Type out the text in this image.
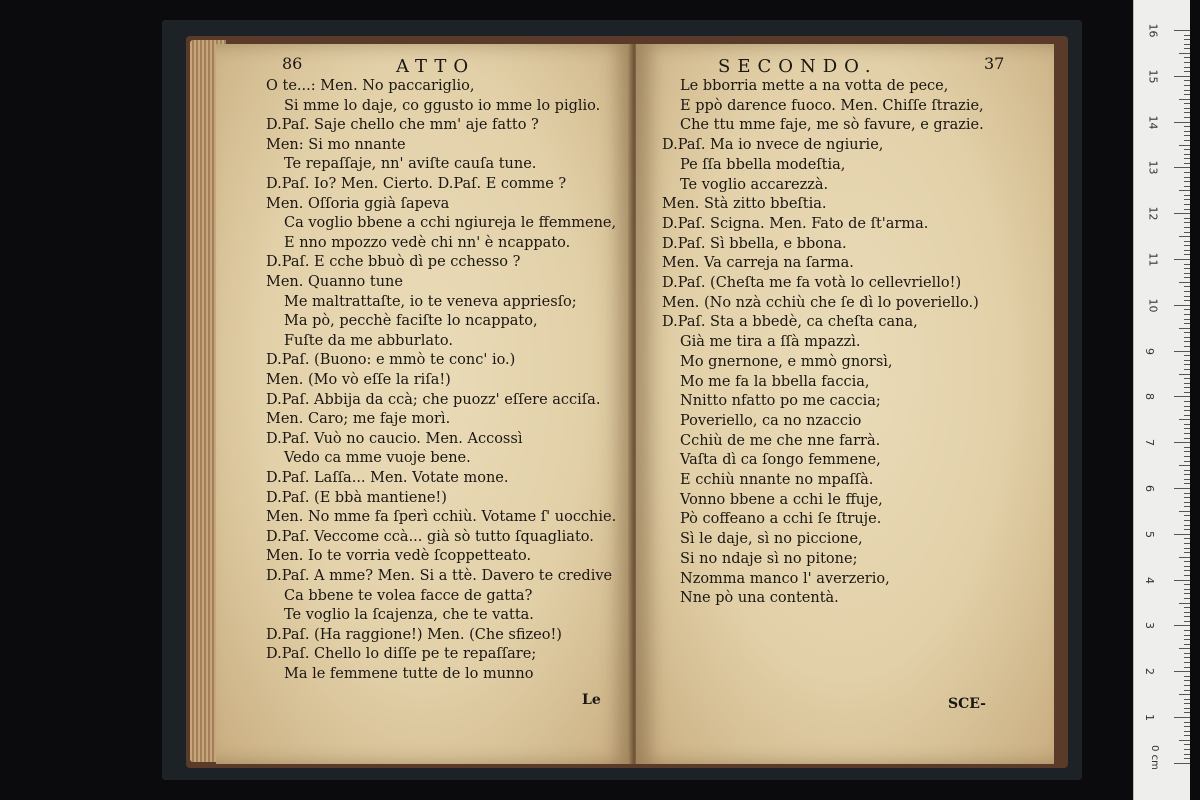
86	ATTO
O te...: Men. No paccariglio,
Si mme lo daje, co ggusto io mme lo piglio.
D.Paſ. Saje chello che mm' aje fatto ?
Men: Si mo nnante
Te repaſſaje, nn' aviſte cauſa tune.
D.Paſ. Io? Men. Cierto. D.Paſ. E comme ?
Men. Oſſoria ggià ſapeva
Ca voglio bbene a cchi ngiureja le ffemmene,
E nno mpozzo vedè chi nn' è ncappato.
D.Paſ. E cche bbuò dì pe cchesso ?
Men. Quanno tune
Me maltrattaſte, io te veneva appriesſo;
Ma pò, pecchè faciſte lo ncappato,
Fuſte da me abburlato.
D.Paſ. (Buono: e mmò te conc' io.)
Men. (Mo vò eſſe la riſa!)
D.Paſ. Abbija da ccà; che puozz' eſſere acciſa.
Men. Caro; me faje morì.
D.Paſ. Vuò no caucio. Men. Accossì
Vedo ca mme vuoje bene.
D.Paſ. Laſſa... Men. Votate mone.
D.Paſ. (E bbà mantiene!)
Men. No mme fa ſperì cchiù. Votame ſ' uocchie.
D.Paſ. Veccome ccà... già sò tutto ſquagliato.
Men. Io te vorria vedè ſcoppetteato.
D.Paſ. A mme? Men. Si a ttè. Davero te credive
Ca bbene te volea facce de gatta?
Te voglio la ſcajenza, che te vatta.
D.Paſ. (Ha raggione!) Men. (Che sfizeo!)
D.Paſ. Chello lo diſſe pe te repaſſare;
Ma le femmene tutte de lo munno
Le
SECONDO.	37
Le bborria mette a na votta de pece,
E ppò darence fuoco. Men. Chiſſe ſtrazie,
Che ttu mme faje, me sò favure, e grazie.
D.Paſ. Ma io nvece de ngiurie,
Pe ſſa bbella modeſtia,
Te voglio accarezzà.
Men. Stà zitto bbeſtia.
D.Paſ. Scigna. Men. Fato de ſt'arma.
D.Paſ. Sì bbella, e bbona.
Men. Va carreja na ſarma.
D.Paſ. (Cheſta me fa votà lo cellevriello!)
Men. (No nzà cchiù che ſe dì lo poveriello.)
D.Paſ. Sta a bbedè, ca cheſta cana,
Già me tira a ſſà mpazzì.
Mo gnernone, e mmò gnorsì,
Mo me fa la bbella faccia,
Nnitto nfatto po me caccia;
Poveriello, ca no nzaccio
Cchiù de me che nne farrà.
Vaſta dì ca ſongo femmene,
E cchiù nnante no mpaſſà.
Vonno bbene a cchi le ffuje,
Pò coffeano a cchi ſe ſtruje.
Sì le daje, sì no piccione,
Si no ndaje sì no pitone;
Nzomma manco l' averzerio,
Nne pò una contentà.
SCE-
0 cm
16
15
14
13
12
11
10
9
8
7
6
5
4
3
2
1
